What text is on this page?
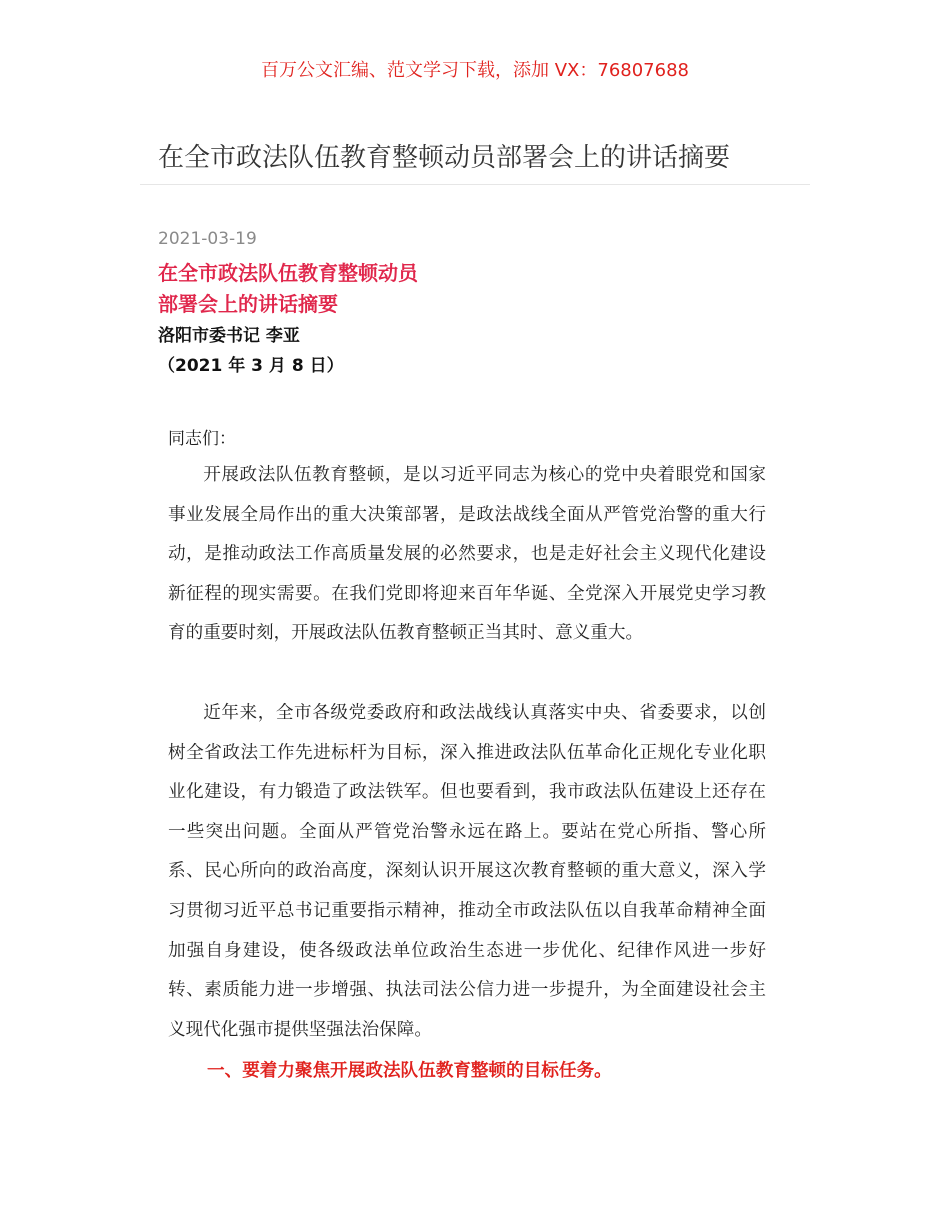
百万公文汇编、范文学习下载，添加 VX：76807688
在全市政法队伍教育整顿动员部署会上的讲话摘要
2021-03-19
在全市政法队伍教育整顿动员
部署会上的讲话摘要
洛阳市委书记 李亚
（2021 年 3 月 8 日）
同志们：

开展政法队伍教育整顿，是以习近平同志为核心的党中央着眼党和国家事业发展全局作出的重大决策部署，是政法战线全面从严管党治警的重大行动，是推动政法工作高质量发展的必然要求，也是走好社会主义现代化建设新征程的现实需要。在我们党即将迎来百年华诞、全党深入开展党史学习教育的重要时刻，开展政法队伍教育整顿正当其时、意义重大。

近年来，全市各级党委政府和政法战线认真落实中央、省委要求，以创树全省政法工作先进标杆为目标，深入推进政法队伍革命化正规化专业化职业化建设，有力锻造了政法铁军。但也要看到，我市政法队伍建设上还存在一些突出问题。全面从严管党治警永远在路上。要站在党心所指、警心所系、民心所向的政治高度，深刻认识开展这次教育整顿的重大意义，深入学习贯彻习近平总书记重要指示精神，推动全市政法队伍以自我革命精神全面加强自身建设，使各级政法单位政治生态进一步优化、纪律作风进一步好转、素质能力进一步增强、执法司法公信力进一步提升，为全面建设社会主义现代化强市提供坚强法治保障。

一、要着力聚焦开展政法队伍教育整顿的目标任务。
